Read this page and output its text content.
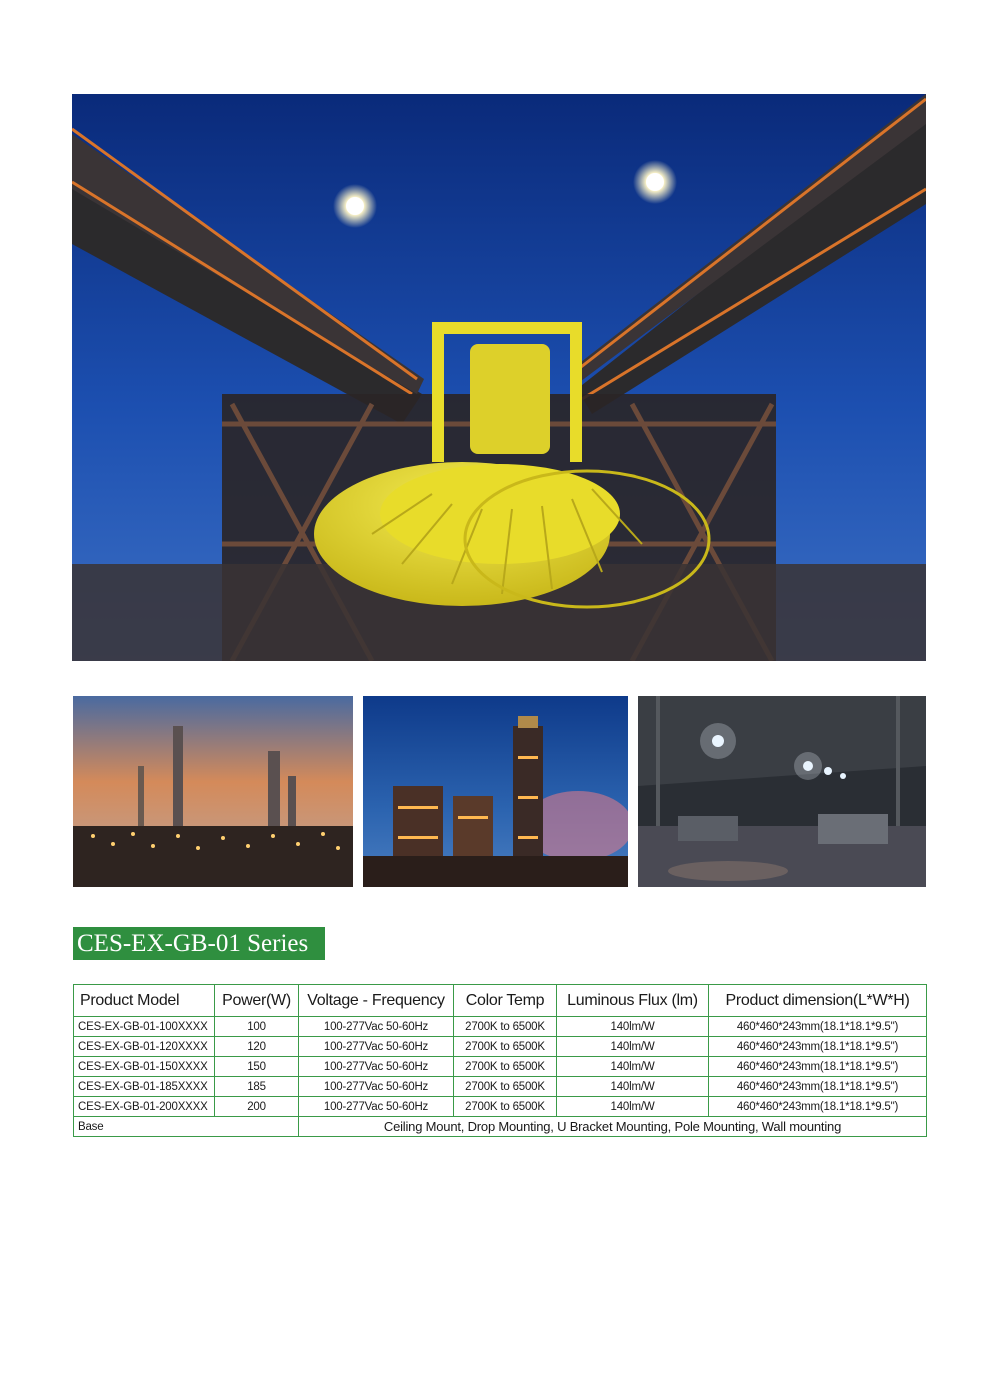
CES-EX-GB-01 Series
Product Model	Power(W)	Voltage - Frequency	Color Temp	Luminous Flux (lm)	Product dimension(L*W*H)
CES-EX-GB-01-100XXXX	100	100-277Vac 50-60Hz	2700K to 6500K	140lm/W	460*460*243mm(18.1*18.1*9.5")
CES-EX-GB-01-120XXXX	120	100-277Vac 50-60Hz	2700K to 6500K	140lm/W	460*460*243mm(18.1*18.1*9.5")
CES-EX-GB-01-150XXXX	150	100-277Vac 50-60Hz	2700K to 6500K	140lm/W	460*460*243mm(18.1*18.1*9.5")
CES-EX-GB-01-185XXXX	185	100-277Vac 50-60Hz	2700K to 6500K	140lm/W	460*460*243mm(18.1*18.1*9.5")
CES-EX-GB-01-200XXXX	200	100-277Vac 50-60Hz	2700K to 6500K	140lm/W	460*460*243mm(18.1*18.1*9.5")
Base		Ceiling Mount, Drop Mounting, U Bracket Mounting, Pole Mounting, Wall mounting			
